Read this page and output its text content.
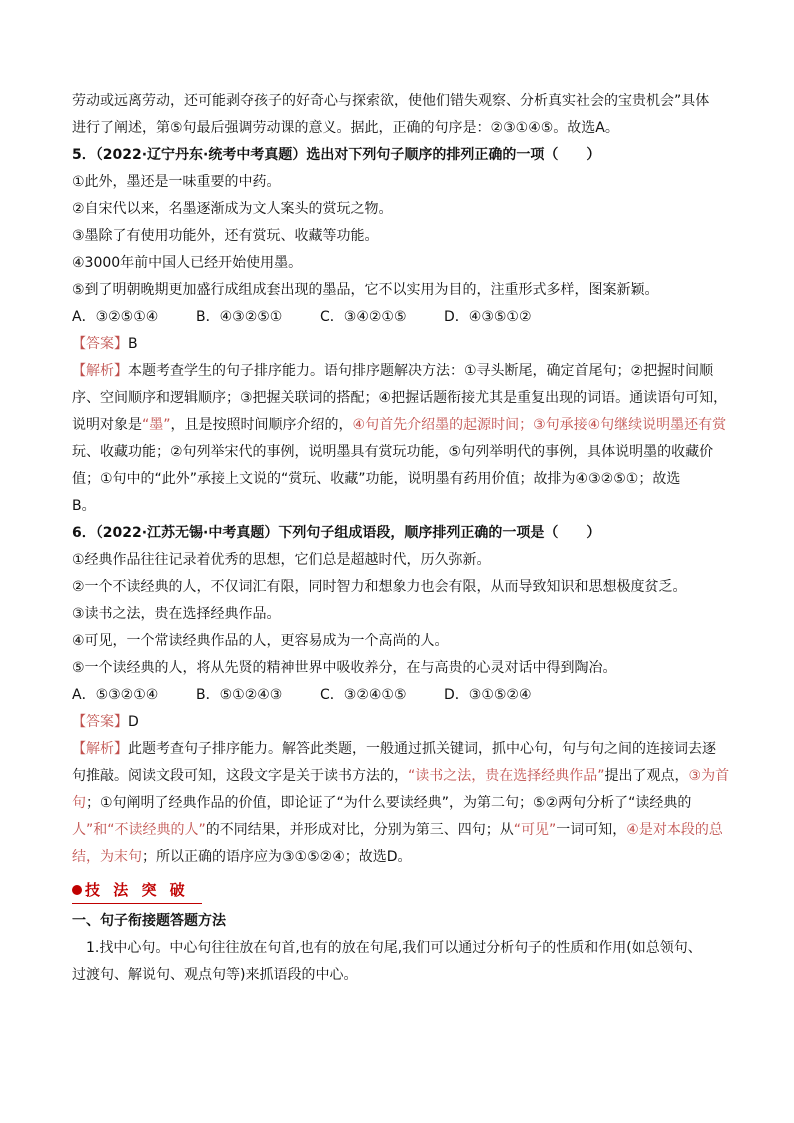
劳动或远离劳动，还可能剥夺孩子的好奇心与探索欲，使他们错失观察、分析真实社会的宝贵机会”具体

进行了阐述，第⑤句最后强调劳动课的意义。据此，正确的句序是：②③①④⑤。故选A。

5．（2022·辽宁丹东·统考中考真题）选出对下列句子顺序的排列正确的一项（　　）

①此外，墨还是一味重要的中药。

②自宋代以来，名墨逐渐成为文人案头的赏玩之物。

③墨除了有使用功能外，还有赏玩、收藏等功能。

④3000年前中国人已经开始使用墨。

⑤到了明朝晚期更加盛行成组成套出现的墨品，它不以实用为目的，注重形式多样，图案新颖。

A．③②⑤①④	B．④③②⑤①	C．③④②①⑤	D．④③⑤①②

【答案】B

【解析】本题考查学生的句子排序能力。语句排序题解决方法：①寻头断尾，确定首尾句；②把握时间顺

序、空间顺序和逻辑顺序；③把握关联词的搭配；④把握话题衔接尤其是重复出现的词语。通读语句可知，

说明对象是“墨”，且是按照时间顺序介绍的，④句首先介绍墨的起源时间；③句承接④句继续说明墨还有赏

玩、收藏功能；②句列举宋代的事例，说明墨具有赏玩功能，⑤句列举明代的事例，具体说明墨的收藏价

值；①句中的“此外”承接上文说的“赏玩、收藏”功能，说明墨有药用价值；故排为④③②⑤①；故选

B。

6．（2022·江苏无锡·中考真题）下列句子组成语段，顺序排列正确的一项是（　　）

①经典作品往往记录着优秀的思想，它们总是超越时代，历久弥新。

②一个不读经典的人，不仅词汇有限，同时智力和想象力也会有限，从而导致知识和思想极度贫乏。

③读书之法，贵在选择经典作品。

④可见，一个常读经典作品的人，更容易成为一个高尚的人。

⑤一个读经典的人，将从先贤的精神世界中吸收养分，在与高贵的心灵对话中得到陶冶。

A．⑤③②①④	B．⑤①②④③	C．③②④①⑤	D．③①⑤②④

【答案】D

【解析】此题考查句子排序能力。解答此类题，一般通过抓关键词，抓中心句，句与句之间的连接词去逐

句推敲。阅读文段可知，这段文字是关于读书方法的，“读书之法，贵在选择经典作品”提出了观点，③为首

句；①句阐明了经典作品的价值，即论证了“为什么要读经典”，为第二句；⑤②两句分析了“读经典的

人”和“不读经典的人”的不同结果，并形成对比，分别为第三、四句；从“可见”一词可知，④是对本段的总

结，为末句；所以正确的语序应为③①⑤②④；故选D。

技 法 突 破

一、句子衔接题答题方法

1.找中心句。中心句往往放在句首,也有的放在句尾,我们可以通过分析句子的性质和作用(如总领句、

过渡句、解说句、观点句等)来抓语段的中心。
